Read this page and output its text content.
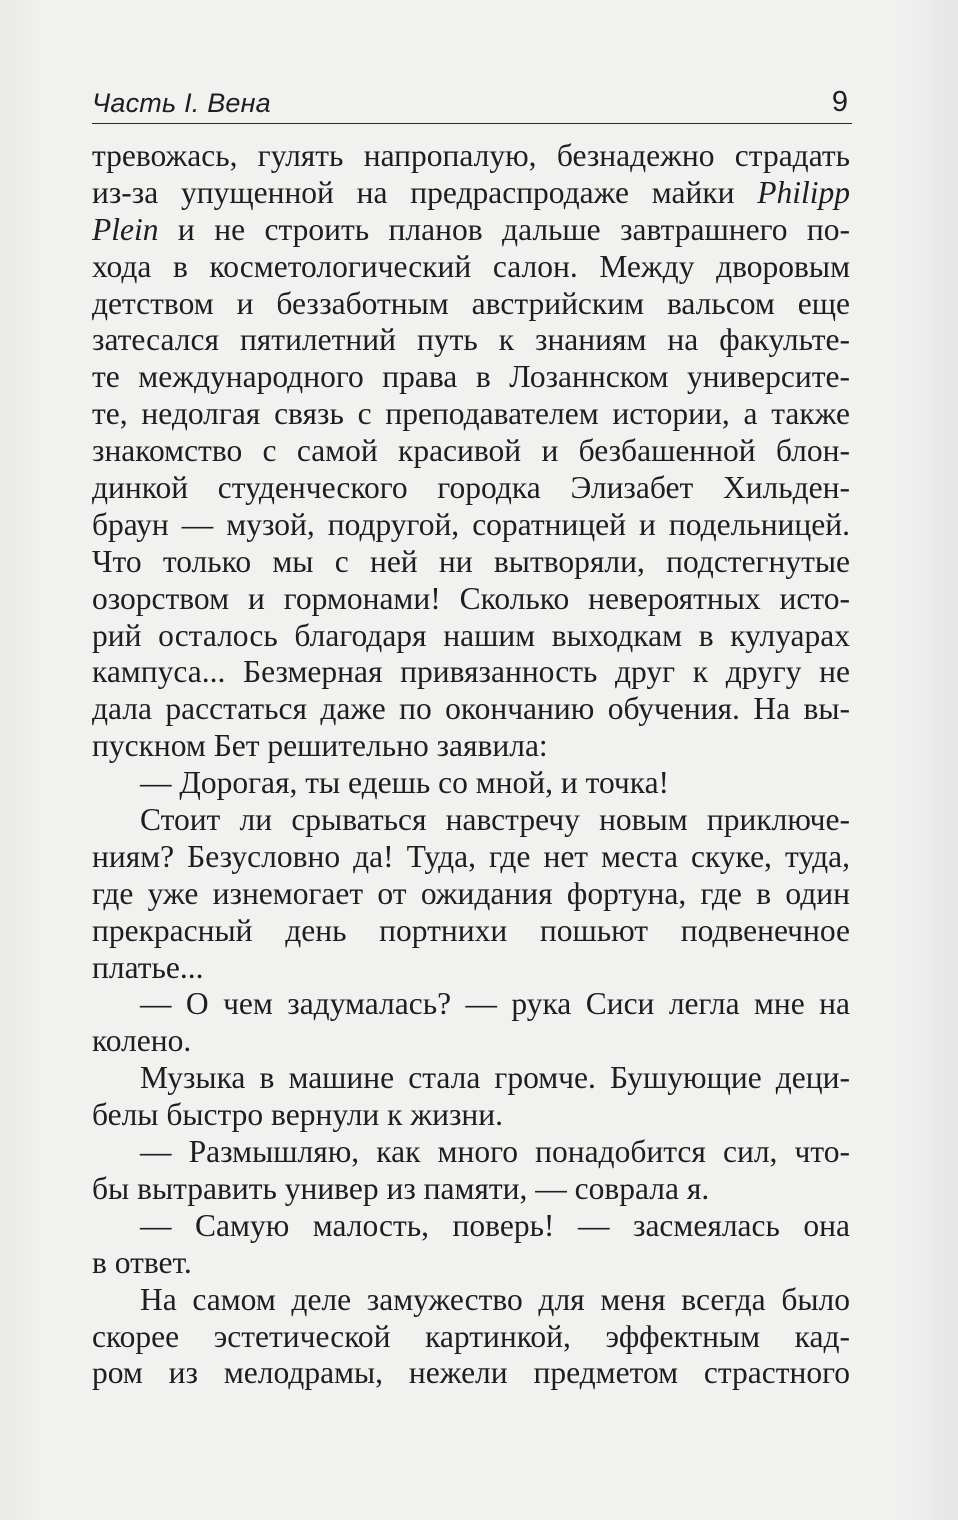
Часть I. Вена	9
тревожась, гулять напропалую, безнадежно страдать
из-за упущенной на предраспродаже майки Philipp
Plein и не строить планов дальше завтрашнего по-
хода в косметологический салон. Между дворовым
детством и беззаботным австрийским вальсом еще
затесался пятилетний путь к знаниям на факульте-
те международного права в Лозаннском университе-
те, недолгая связь с преподавателем истории, а также
знакомство с самой красивой и безбашенной блон-
динкой студенческого городка Элизабет Хильден-
браун — музой, подругой, соратницей и подельницей.
Что только мы с ней ни вытворяли, подстегнутые
озорством и гормонами! Сколько невероятных исто-
рий осталось благодаря нашим выходкам в кулуарах
кампуса... Безмерная привязанность друг к другу не
дала расстаться даже по окончанию обучения. На вы-
пускном Бет решительно заявила:
— Дорогая, ты едешь со мной, и точка!
Стоит ли срываться навстречу новым приключе-
ниям? Безусловно да! Туда, где нет места скуке, туда,
где уже изнемогает от ожидания фортуна, где в один
прекрасный день портнихи пошьют подвенечное
платье...
— О чем задумалась? — рука Сиси легла мне на
колено.
Музыка в машине стала громче. Бушующие деци-
белы быстро вернули к жизни.
— Размышляю, как много понадобится сил, что-
бы вытравить универ из памяти, — соврала я.
— Самую малость, поверь! — засмеялась она
в ответ.
На самом деле замужество для меня всегда было
скорее эстетической картинкой, эффектным кад-
ром из мелодрамы, нежели предметом страстного
